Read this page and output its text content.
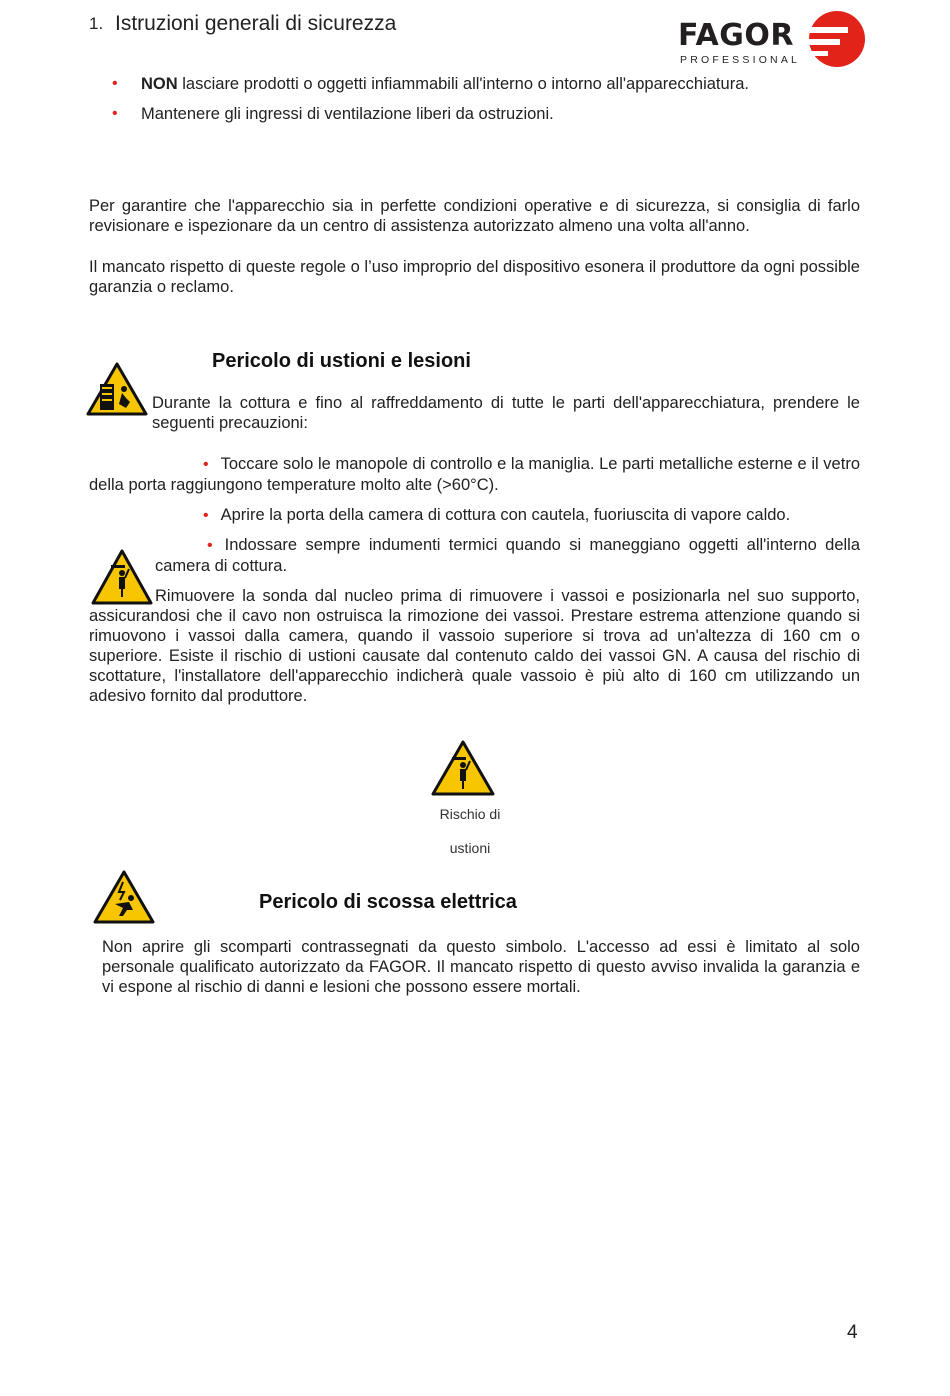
1. Istruzioni generali di sicurezza	FAGOR
PROFESSIONAL
• NON lasciare prodotti o oggetti infiammabili all'interno o intorno all'apparecchiatura.
• Mantenere gli ingressi di ventilazione liberi da ostruzioni.
Per garantire che l'apparecchio sia in perfette condizioni operative e di sicurezza, si consiglia di farlo revisionare e ispezionare da un centro di assistenza autorizzato almeno una volta all'anno.
Il mancato rispetto di queste regole o l’uso improprio del dispositivo esonera il produttore da ogni possible garanzia o reclamo.
Pericolo di ustioni e lesioni
Durante la cottura e fino al raffreddamento di tutte le parti dell'apparecchiatura, prendere le seguenti precauzioni:
• Toccare solo le manopole di controllo e la maniglia. Le parti metalliche esterne e il vetro della porta raggiungono temperature molto alte (>60°C).
• Aprire la porta della camera di cottura con cautela, fuoriuscita di vapore caldo.
• Indossare sempre indumenti termici quando si maneggiano oggetti all'interno della camera di cottura.
Rimuovere la sonda dal nucleo prima di rimuovere i vassoi e posizionarla nel suo supporto, assicurandosi che il cavo non ostruisca la rimozione dei vassoi. Prestare estrema attenzione quando si rimuovono i vassoi dalla camera, quando il vassoio superiore si trova ad un'altezza di 160 cm o superiore. Esiste il rischio di ustioni causate dal contenuto caldo dei vassoi GN. A causa del rischio di scottature, l'installatore dell'apparecchio indicherà quale vassoio è più alto di 160 cm utilizzando un adesivo fornito dal produttore.
Rischio di
ustioni
Pericolo di scossa elettrica
Non aprire gli scomparti contrassegnati da questo simbolo. L'accesso ad essi è limitato al solo personale qualificato autorizzato da FAGOR. Il mancato rispetto di questo avviso invalida la garanzia e vi espone al rischio di danni e lesioni che possono essere mortali.
4
